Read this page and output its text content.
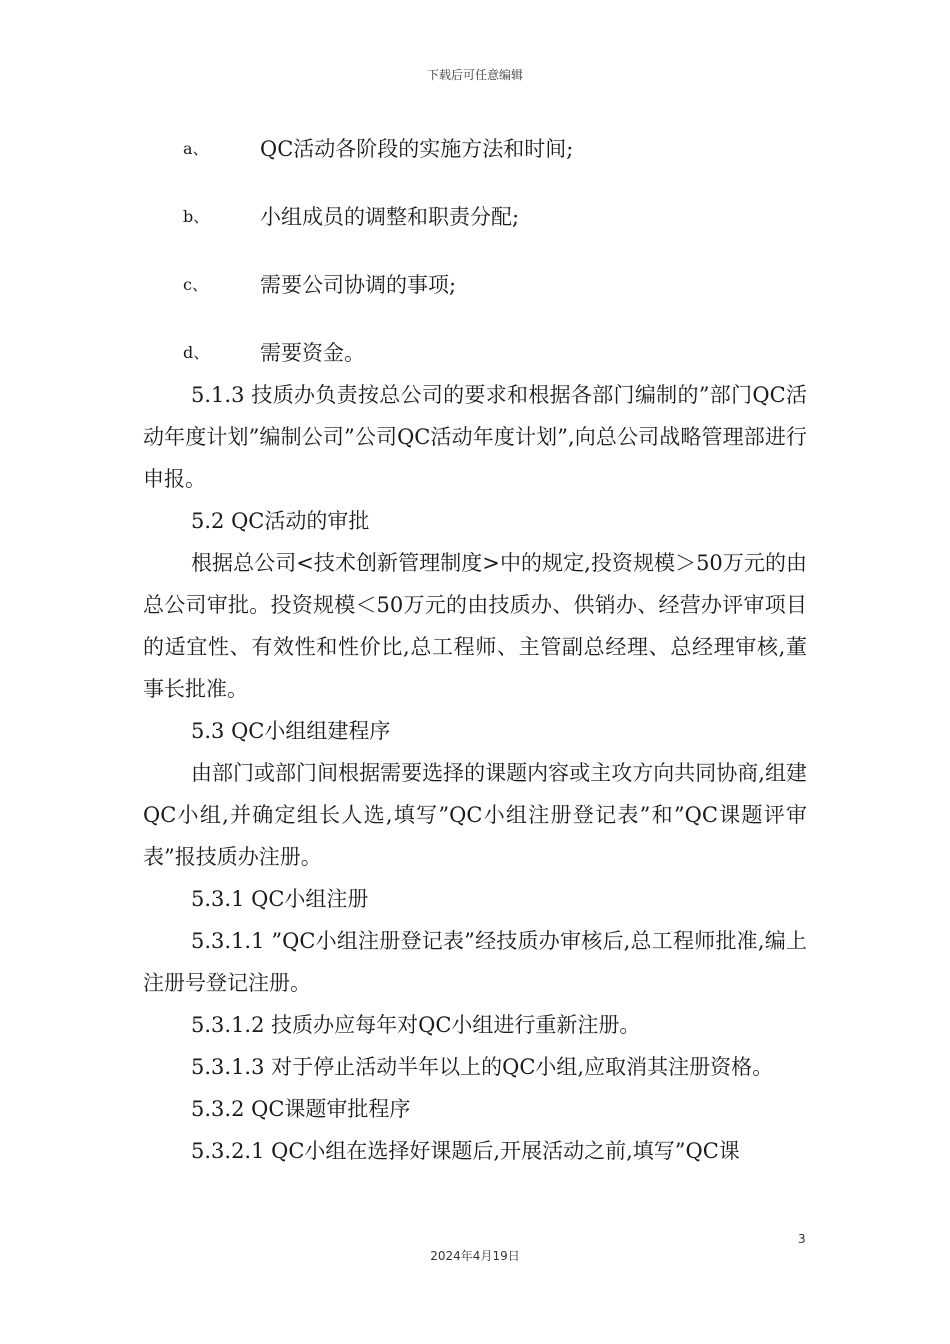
下载后可任意编辑
a、	QC活动各阶段的实施方法和时间;
b、	小组成员的调整和职责分配;
c、	需要公司协调的事项;
d、	需要资金。

5.1.3 技质办负责按总公司的要求和根据各部门编制的”部门QC活动年度计划”编制公司”公司QC活动年度计划”,向总公司战略管理部进行申报。

5.2 QC活动的审批

根据总公司<技术创新管理制度>中的规定,投资规模＞50万元的由总公司审批。投资规模＜50万元的由技质办、供销办、经营办评审项目的适宜性、有效性和性价比,总工程师、主管副总经理、总经理审核,董事长批准。

5.3 QC小组组建程序

由部门或部门间根据需要选择的课题内容或主攻方向共同协商,组建QC小组,并确定组长人选,填写”QC小组注册登记表”和”QC课题评审表”报技质办注册。

5.3.1 QC小组注册

5.3.1.1 ”QC小组注册登记表”经技质办审核后,总工程师批准,编上注册号登记注册。

5.3.1.2 技质办应每年对QC小组进行重新注册。

5.3.1.3 对于停止活动半年以上的QC小组,应取消其注册资格。

5.3.2 QC课题审批程序

5.3.2.1 QC小组在选择好课题后,开展活动之前,填写”QC课

3
2024年4月19日
